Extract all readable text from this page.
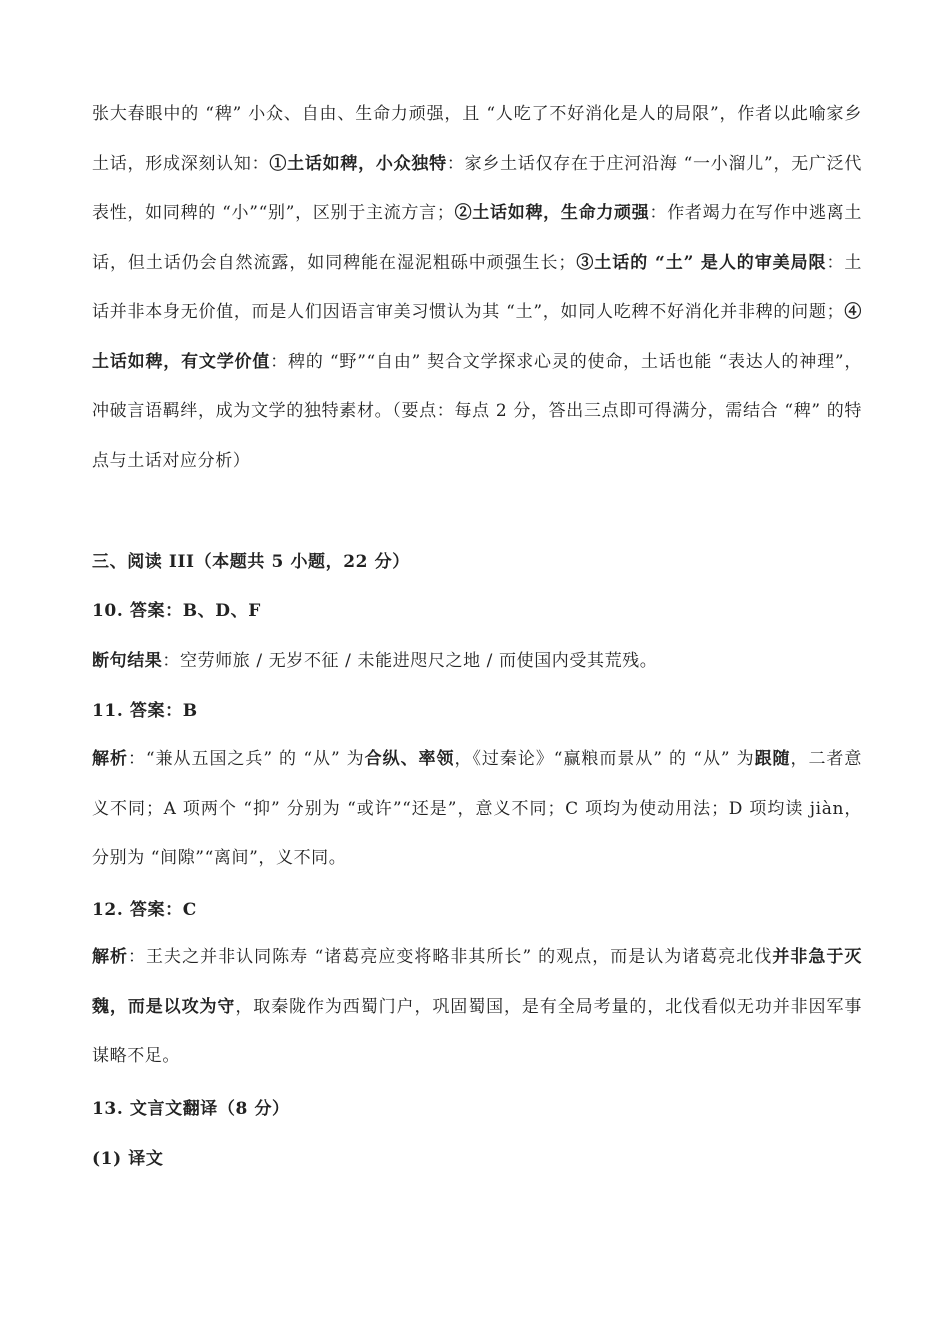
张大春眼中的 “稗” 小众、自由、生命力顽强，且 “人吃了不好消化是人的局限”，作者以此喻家乡土话，形成深刻认知：①土话如稗，小众独特：家乡土话仅存在于庄河沿海 “一小溜儿”，无广泛代表性，如同稗的 “小”“别”，区别于主流方言；②土话如稗，生命力顽强：作者竭力在写作中逃离土话，但土话仍会自然流露，如同稗能在湿泥粗砾中顽强生长；③土话的 “土” 是人的审美局限：土话并非本身无价值，而是人们因语言审美习惯认为其 “土”，如同人吃稗不好消化并非稗的问题；④土话如稗，有文学价值：稗的 “野”“自由” 契合文学探求心灵的使命，土话也能 “表达人的神理”，冲破言语羁绊，成为文学的独特素材。（要点：每点 2 分，答出三点即可得满分，需结合 “稗” 的特点与土话对应分析）

三、阅读 III（本题共 5 小题，22 分）

10. 答案：B、D、F

断句结果：空劳师旅 / 无岁不征 / 未能进咫尺之地 / 而使国内受其荒残。

11. 答案：B

解析：“兼从五国之兵” 的 “从” 为合纵、率领，《过秦论》“赢粮而景从” 的 “从” 为跟随，二者意义不同；A 项两个 “抑” 分别为 “或许”“还是”，意义不同；C 项均为使动用法；D 项均读 jiàn，分别为 “间隙”“离间”，义不同。

12. 答案：C

解析：王夫之并非认同陈寿 “诸葛亮应变将略非其所长” 的观点，而是认为诸葛亮北伐并非急于灭魏，而是以攻为守，取秦陇作为西蜀门户，巩固蜀国，是有全局考量的，北伐看似无功并非因军事谋略不足。

13. 文言文翻译（8 分）

(1) 译文
